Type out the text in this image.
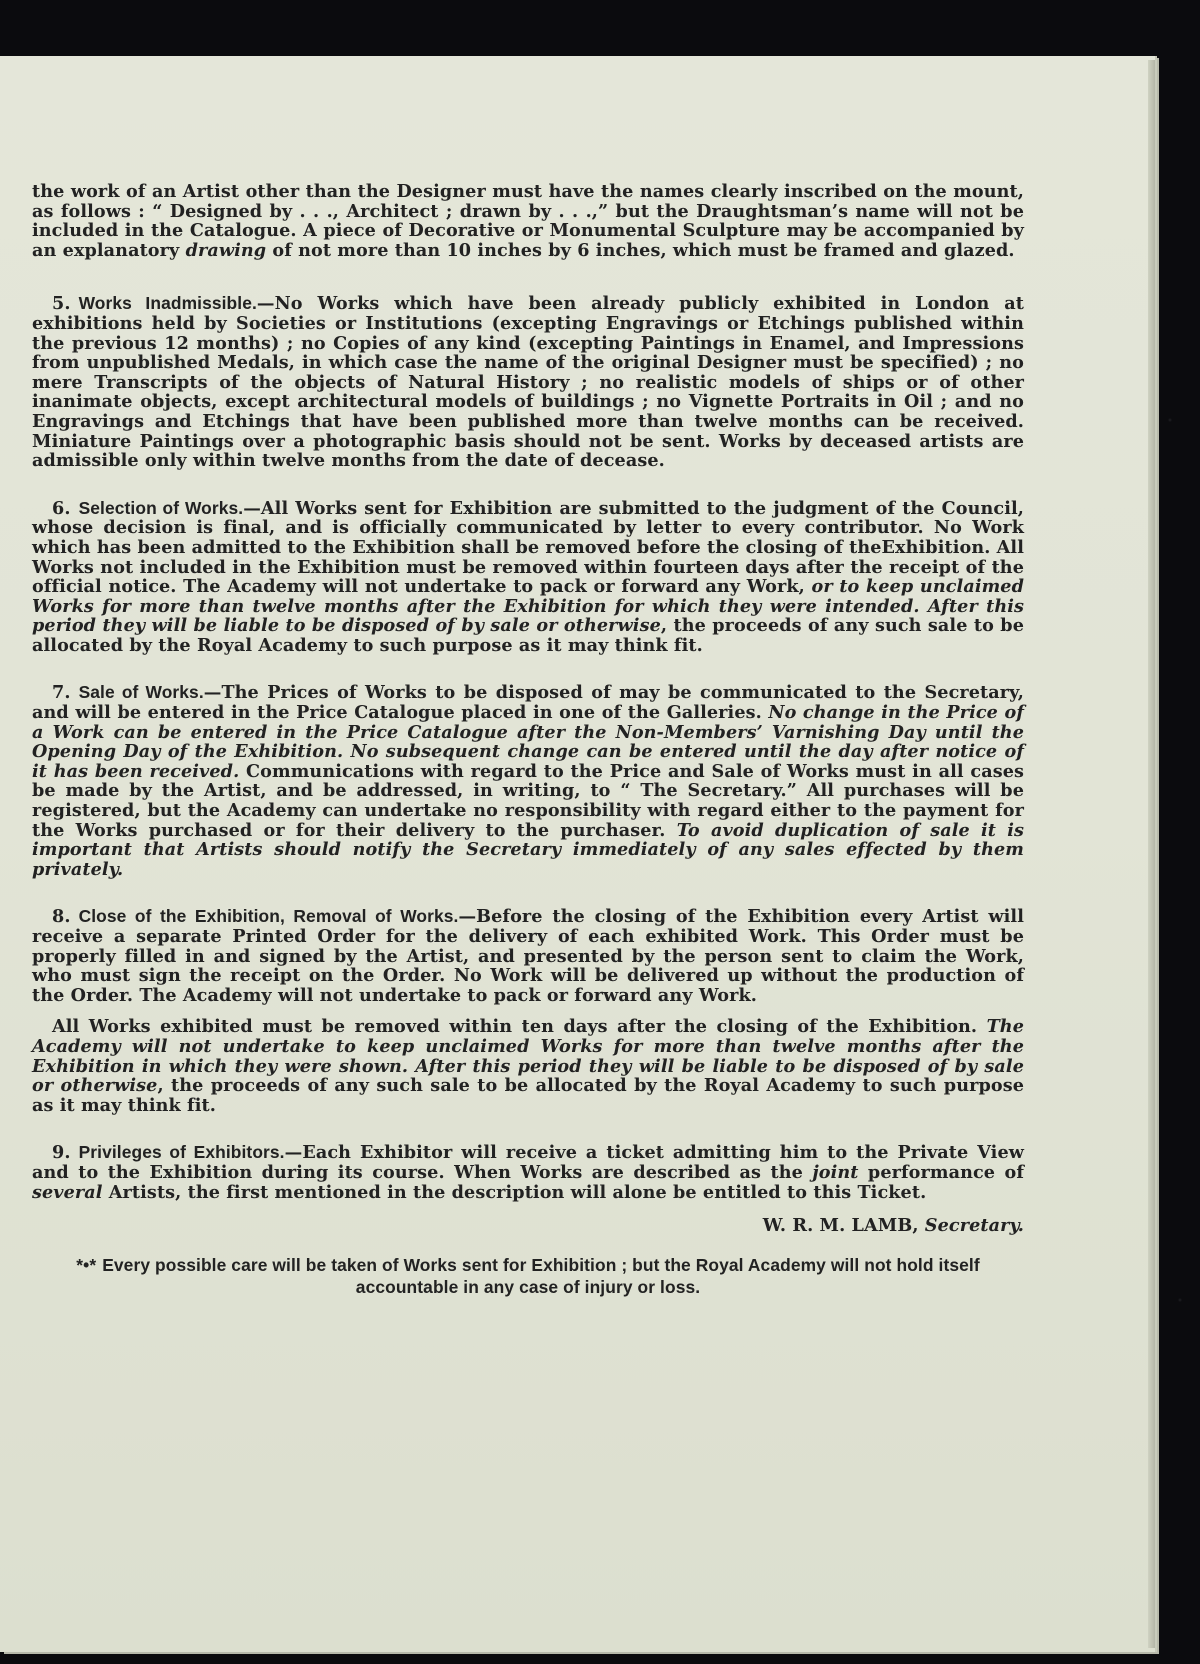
the work of an Artist other than the Designer must have the names clearly inscribed on the mount, as follows : “ Designed by . . ., Architect ; drawn by . . .,” but the Draughtsman’s name will not be included in the Catalogue. A piece of Decorative or Monumental Sculpture may be accompanied by an explanatory drawing of not more than 10 inches by 6 inches, which must be framed and glazed.

5. Works Inadmissible.—No Works which have been already publicly exhibited in London at exhibitions held by Societies or Institutions (excepting Engravings or Etchings published within the previous 12 months) ; no Copies of any kind (excepting Paintings in Enamel, and Impressions from unpublished Medals, in which case the name of the original Designer must be specified) ; no mere Transcripts of the objects of Natural History ; no realistic models of ships or of other inanimate objects, except architectural models of buildings ; no Vignette Portraits in Oil ; and no Engravings and Etchings that have been published more than twelve months can be received. Miniature Paintings over a photographic basis should not be sent. Works by deceased artists are admissible only within twelve months from the date of decease.

6. Selection of Works.—All Works sent for Exhibition are submitted to the judgment of the Council, whose decision is final, and is officially communicated by letter to every contributor. No Work which has been admitted to the Exhibition shall be removed before the closing of theExhibition. All Works not included in the Exhibition must be removed within fourteen days after the receipt of the official notice. The Academy will not undertake to pack or forward any Work, or to keep unclaimed Works for more than twelve months after the Exhibition for which they were intended. After this period they will be liable to be disposed of by sale or otherwise, the proceeds of any such sale to be allocated by the Royal Academy to such purpose as it may think fit.

7. Sale of Works.—The Prices of Works to be disposed of may be communicated to the Secretary, and will be entered in the Price Catalogue placed in one of the Galleries. No change in the Price of a Work can be entered in the Price Catalogue after the Non-Members’ Varnishing Day until the Opening Day of the Exhibition. No subsequent change can be entered until the day after notice of it has been received. Communications with regard to the Price and Sale of Works must in all cases be made by the Artist, and be addressed, in writing, to “ The Secretary.” All purchases will be registered, but the Academy can undertake no responsibility with regard either to the payment for the Works purchased or for their delivery to the purchaser. To avoid duplication of sale it is important that Artists should notify the Secretary immediately of any sales effected by them privately.

8. Close of the Exhibition, Removal of Works.—Before the closing of the Exhibition every Artist will receive a separate Printed Order for the delivery of each exhibited Work. This Order must be properly filled in and signed by the Artist, and presented by the person sent to claim the Work, who must sign the receipt on the Order. No Work will be delivered up without the production of the Order. The Academy will not undertake to pack or forward any Work.

All Works exhibited must be removed within ten days after the closing of the Exhibition. The Academy will not undertake to keep unclaimed Works for more than twelve months after the Exhibition in which they were shown. After this period they will be liable to be disposed of by sale or otherwise, the proceeds of any such sale to be allocated by the Royal Academy to such purpose as it may think fit.

9. Privileges of Exhibitors.—Each Exhibitor will receive a ticket admitting him to the Private View and to the Exhibition during its course. When Works are described as the joint performance of several Artists, the first mentioned in the description will alone be entitled to this Ticket.

W. R. M. LAMB, Secretary.

*•* Every possible care will be taken of Works sent for Exhibition ; but the Royal Academy will not hold itself accountable in any case of injury or loss.
